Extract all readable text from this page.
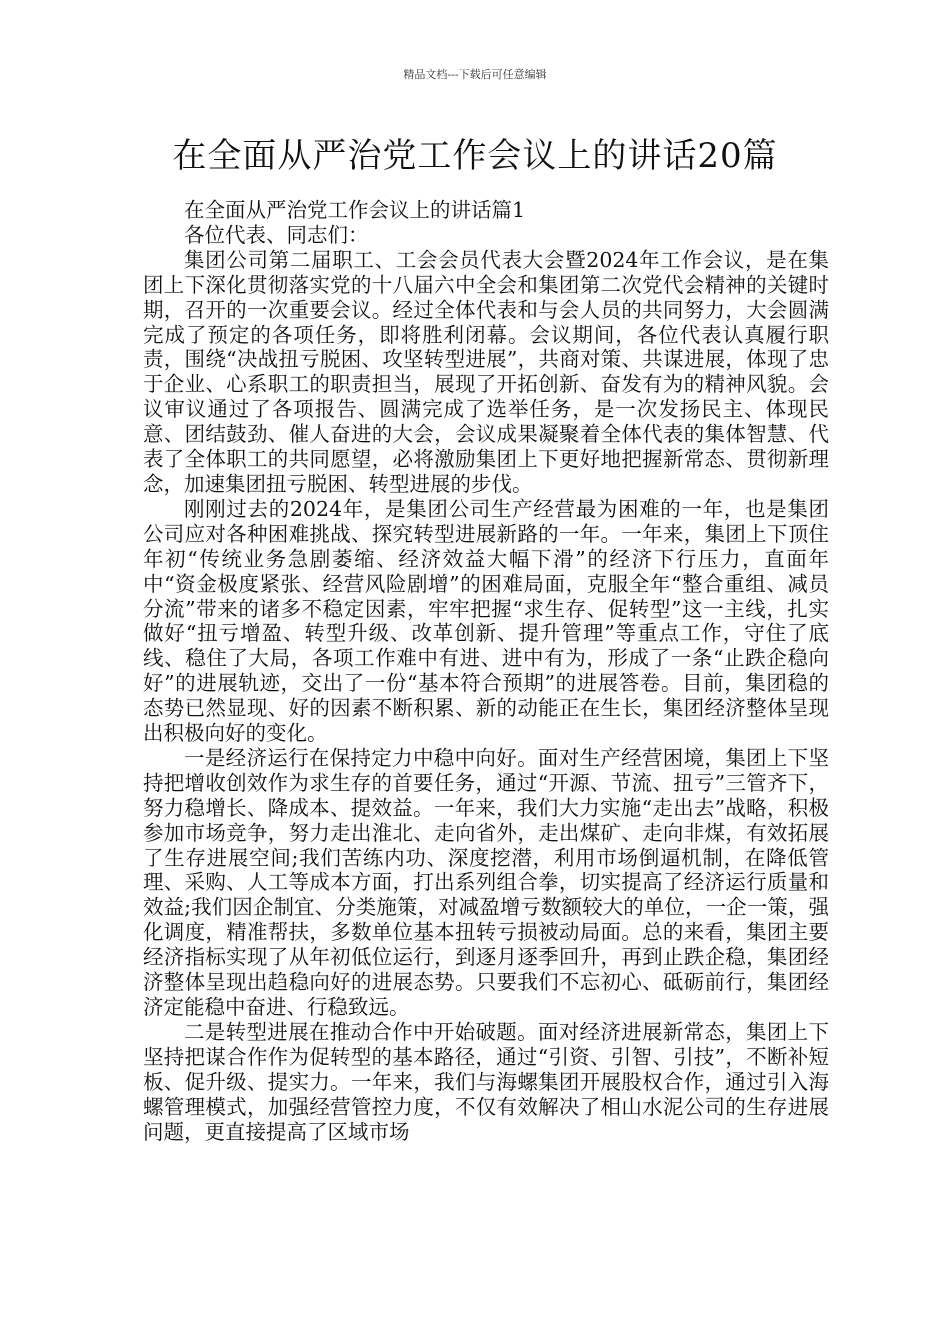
精品文档---下载后可任意编辑
在全面从严治党工作会议上的讲话20篇

在全面从严治党工作会议上的讲话篇1

各位代表、同志们：

集团公司第二届职工、工会会员代表大会暨2024年工作会议，是在集团上下深化贯彻落实党的十八届六中全会和集团第二次党代会精神的关键时期，召开的一次重要会议。经过全体代表和与会人员的共同努力，大会圆满完成了预定的各项任务，即将胜利闭幕。会议期间，各位代表认真履行职责，围绕“决战扭亏脱困、攻坚转型进展”，共商对策、共谋进展，体现了忠于企业、心系职工的职责担当，展现了开拓创新、奋发有为的精神风貌。会议审议通过了各项报告、圆满完成了选举任务，是一次发扬民主、体现民意、团结鼓劲、催人奋进的大会，会议成果凝聚着全体代表的集体智慧、代表了全体职工的共同愿望，必将激励集团上下更好地把握新常态、贯彻新理念，加速集团扭亏脱困、转型进展的步伐。

刚刚过去的2024年，是集团公司生产经营最为困难的一年，也是集团公司应对各种困难挑战、探究转型进展新路的一年。一年来，集团上下顶住年初“传统业务急剧萎缩、经济效益大幅下滑”的经济下行压力，直面年中“资金极度紧张、经营风险剧增”的困难局面，克服全年“整合重组、减员分流”带来的诸多不稳定因素，牢牢把握“求生存、促转型”这一主线，扎实做好“扭亏增盈、转型升级、改革创新、提升管理”等重点工作，守住了底线、稳住了大局，各项工作难中有进、进中有为，形成了一条“止跌企稳向好”的进展轨迹，交出了一份“基本符合预期”的进展答卷。目前，集团稳的态势已然显现、好的因素不断积累、新的动能正在生长，集团经济整体呈现出积极向好的变化。

一是经济运行在保持定力中稳中向好。面对生产经营困境，集团上下坚持把增收创效作为求生存的首要任务，通过“开源、节流、扭亏”三管齐下，努力稳增长、降成本、提效益。一年来，我们大力实施“走出去”战略，积极参加市场竞争，努力走出淮北、走向省外，走出煤矿、走向非煤，有效拓展了生存进展空间;我们苦练内功、深度挖潜，利用市场倒逼机制，在降低管理、采购、人工等成本方面，打出系列组合拳，切实提高了经济运行质量和效益;我们因企制宜、分类施策，对减盈增亏数额较大的单位，一企一策，强化调度，精准帮扶，多数单位基本扭转亏损被动局面。总的来看，集团主要经济指标实现了从年初低位运行，到逐月逐季回升，再到止跌企稳，集团经济整体呈现出趋稳向好的进展态势。只要我们不忘初心、砥砺前行，集团经济定能稳中奋进、行稳致远。

二是转型进展在推动合作中开始破题。面对经济进展新常态，集团上下坚持把谋合作作为促转型的基本路径，通过“引资、引智、引技”，不断补短板、促升级、提实力。一年来，我们与海螺集团开展股权合作，通过引入海螺管理模式，加强经营管控力度，不仅有效解决了相山水泥公司的生存进展问题，更直接提高了区域市场
